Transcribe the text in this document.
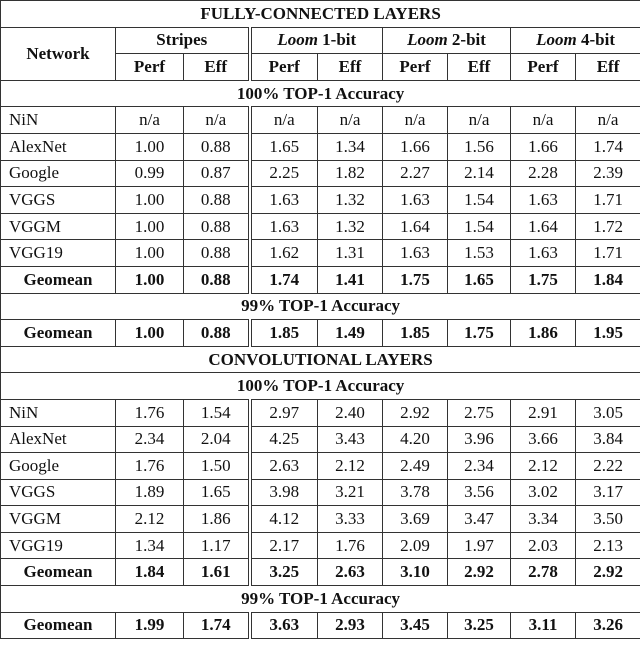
FULLY-CONNECTED LAYERS								
Network	Stripes		Loom 1-bit		Loom 2-bit		Loom 4-bit	
	Perf	Eff	Perf	Eff	Perf	Eff	Perf	Eff
100% TOP-1 Accuracy								
NiN	n/a	n/a	n/a	n/a	n/a	n/a	n/a	n/a
AlexNet	1.00	0.88	1.65	1.34	1.66	1.56	1.66	1.74
Google	0.99	0.87	2.25	1.82	2.27	2.14	2.28	2.39
VGGS	1.00	0.88	1.63	1.32	1.63	1.54	1.63	1.71
VGGM	1.00	0.88	1.63	1.32	1.64	1.54	1.64	1.72
VGG19	1.00	0.88	1.62	1.31	1.63	1.53	1.63	1.71
Geomean	1.00	0.88	1.74	1.41	1.75	1.65	1.75	1.84
99% TOP-1 Accuracy								
Geomean	1.00	0.88	1.85	1.49	1.85	1.75	1.86	1.95
CONVOLUTIONAL LAYERS								
100% TOP-1 Accuracy								
NiN	1.76	1.54	2.97	2.40	2.92	2.75	2.91	3.05
AlexNet	2.34	2.04	4.25	3.43	4.20	3.96	3.66	3.84
Google	1.76	1.50	2.63	2.12	2.49	2.34	2.12	2.22
VGGS	1.89	1.65	3.98	3.21	3.78	3.56	3.02	3.17
VGGM	2.12	1.86	4.12	3.33	3.69	3.47	3.34	3.50
VGG19	1.34	1.17	2.17	1.76	2.09	1.97	2.03	2.13
Geomean	1.84	1.61	3.25	2.63	3.10	2.92	2.78	2.92
99% TOP-1 Accuracy								
Geomean	1.99	1.74	3.63	2.93	3.45	3.25	3.11	3.26
